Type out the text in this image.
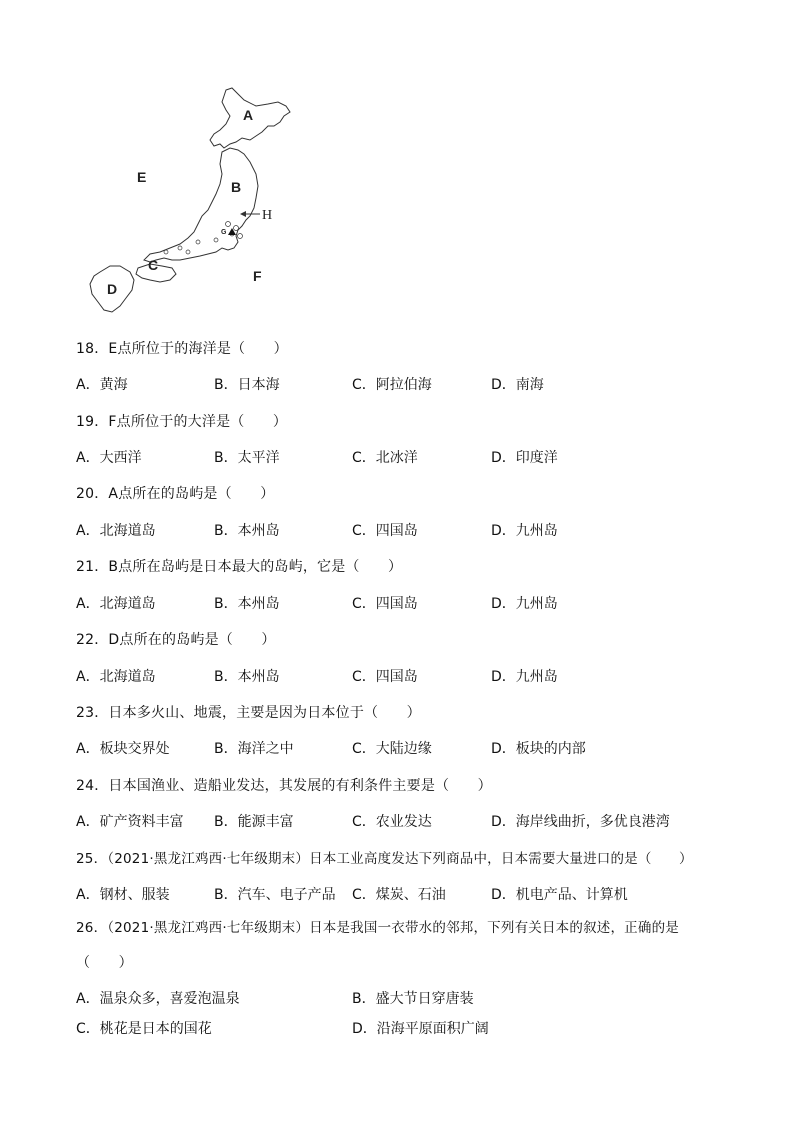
A
B
C
D
E
F
G
H
18．E点所位于的海洋是（　　）
A．黄海	B．日本海	C．阿拉伯海	D．南海
19．F点所位于的大洋是（　　）
A．大西洋	B．太平洋	C．北冰洋	D．印度洋
20．A点所在的岛屿是（　　）
A．北海道岛	B．本州岛	C．四国岛	D．九州岛
21．B点所在岛屿是日本最大的岛屿，它是（　　）
A．北海道岛	B．本州岛	C．四国岛	D．九州岛
22．D点所在的岛屿是（　　）
A．北海道岛	B．本州岛	C．四国岛	D．九州岛
23．日本多火山、地震，主要是因为日本位于（　　）
A．板块交界处	B．海洋之中	C．大陆边缘	D．板块的内部
24．日本国渔业、造船业发达，其发展的有利条件主要是（　　）
A．矿产资料丰富 B．能源丰富	C．农业发达	D．海岸线曲折，多优良港湾
25．（2021·黑龙江鸡西·七年级期末）日本工业高度发达下列商品中，日本需要大量进口的是（　　）
A．钢材、服装	B．汽车、电子产品 C．煤炭、石油	D．机电产品、计算机
26．（2021·黑龙江鸡西·七年级期末）日本是我国一衣带水的邻邦，下列有关日本的叙述，正确的是
（　　）
A．温泉众多，喜爱泡温泉	B．盛大节日穿唐装
C．桃花是日本的国花	D．沿海平原面积广阔
